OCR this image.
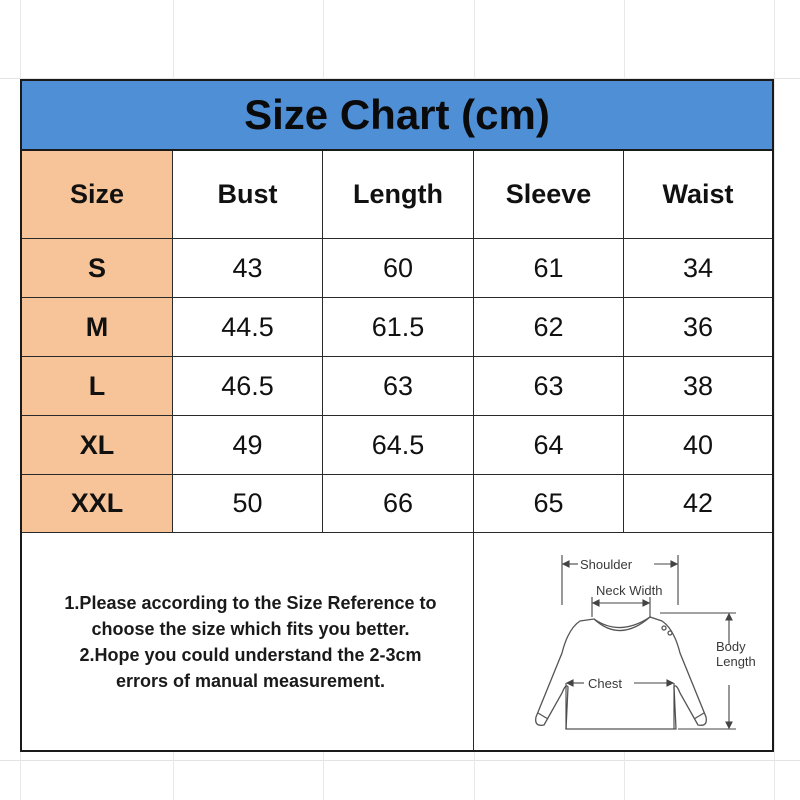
Size Chart (cm)
Size	Bust	Length	Sleeve	Waist
S	43	60	61	34
M	44.5	61.5	62	36
L	46.5	63	63	38
XL	49	64.5	64	40
XXL	50	66	65	42
1.Please according to the Size Reference to
choose the size which fits you better.
2.Hope you could understand the 2-3cm
errors of manual measurement.
Shoulder
Neck Width
Chest
Body
Length
